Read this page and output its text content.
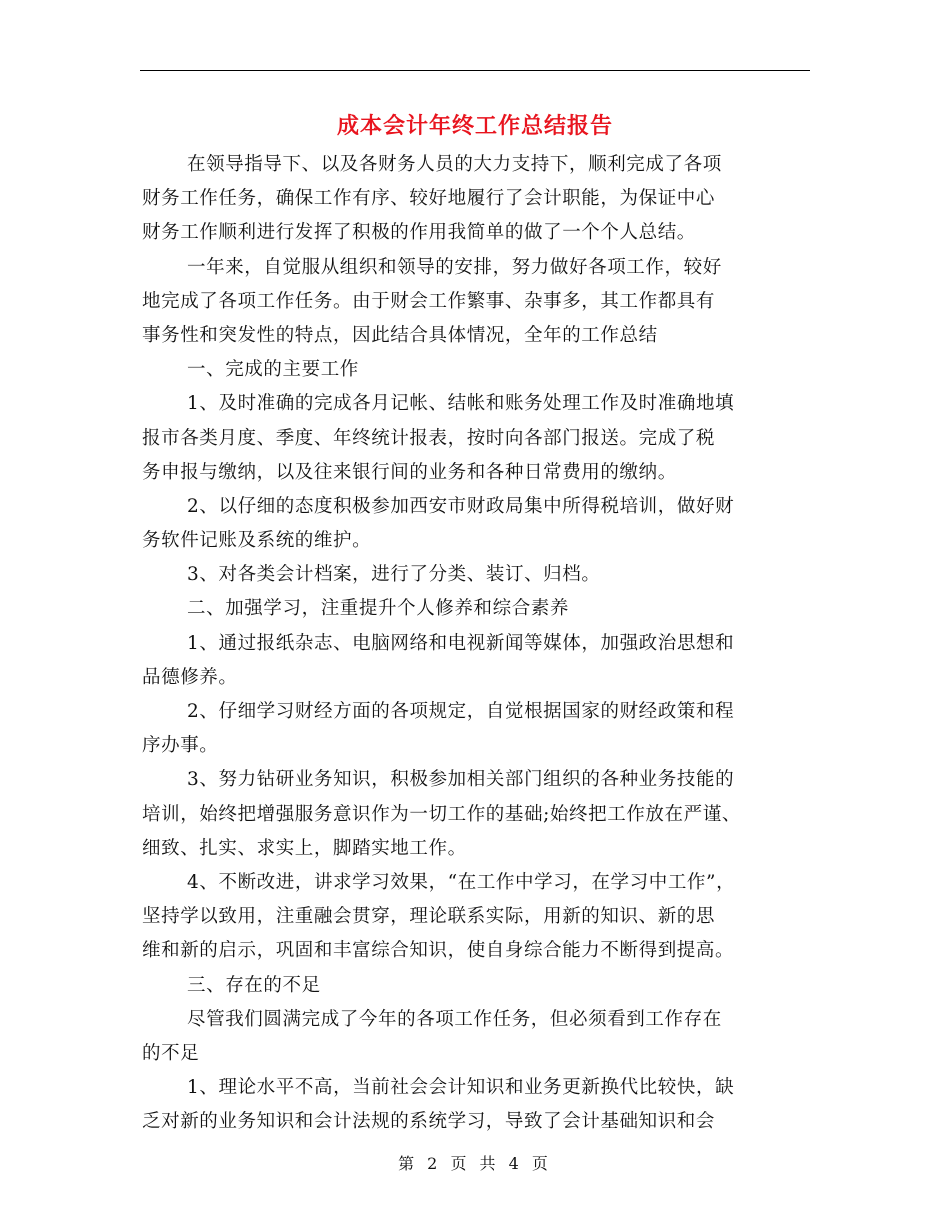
成本会计年终工作总结报告
在领导指导下、以及各财务人员的大力支持下，顺利完成了各项
财务工作任务，确保工作有序、较好地履行了会计职能，为保证中心
财务工作顺利进行发挥了积极的作用我简单的做了一个个人总结。
一年来，自觉服从组织和领导的安排，努力做好各项工作，较好
地完成了各项工作任务。由于财会工作繁事、杂事多，其工作都具有
事务性和突发性的特点，因此结合具体情况，全年的工作总结
一、完成的主要工作
1、及时准确的完成各月记帐、结帐和账务处理工作及时准确地填
报市各类月度、季度、年终统计报表，按时向各部门报送。完成了税
务申报与缴纳，以及往来银行间的业务和各种日常费用的缴纳。
2、以仔细的态度积极参加西安市财政局集中所得税培训，做好财
务软件记账及系统的维护。
3、对各类会计档案，进行了分类、装订、归档。
二、加强学习，注重提升个人修养和综合素养
1、通过报纸杂志、电脑网络和电视新闻等媒体，加强政治思想和
品德修养。
2、仔细学习财经方面的各项规定，自觉根据国家的财经政策和程
序办事。
3、努力钻研业务知识，积极参加相关部门组织的各种业务技能的
培训，始终把增强服务意识作为一切工作的基础;始终把工作放在严谨、
细致、扎实、求实上，脚踏实地工作。
4、不断改进，讲求学习效果，“在工作中学习，在学习中工作”，
坚持学以致用，注重融会贯穿，理论联系实际，用新的知识、新的思
维和新的启示，巩固和丰富综合知识，使自身综合能力不断得到提高。
三、存在的不足
尽管我们圆满完成了今年的各项工作任务，但必须看到工作存在
的不足
1、理论水平不高，当前社会会计知识和业务更新换代比较快，缺
乏对新的业务知识和会计法规的系统学习，导致了会计基础知识和会
第 2 页 共 4 页
